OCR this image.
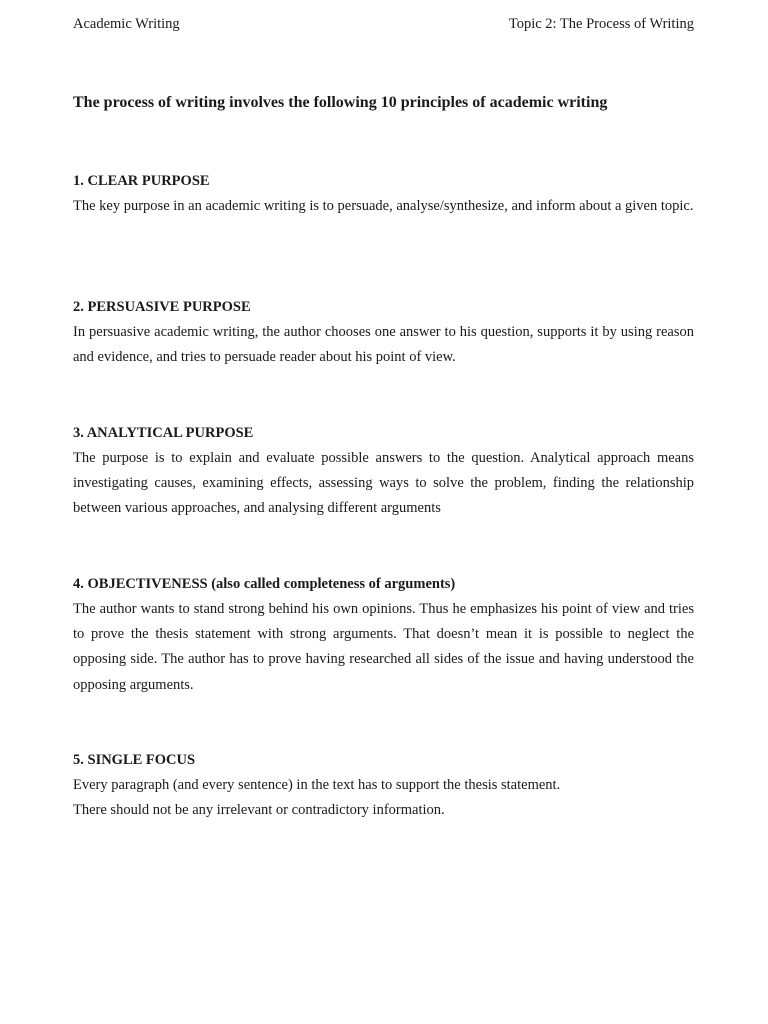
Academic Writing	Topic 2: The Process of Writing
The process of writing involves the following 10 principles of academic writing
1. CLEAR PURPOSE

The key purpose in an academic writing is to persuade, analyse/synthesize, and inform about a given topic.

2. PERSUASIVE PURPOSE

In persuasive academic writing, the author chooses one answer to his question, supports it by using reason and evidence, and tries to persuade reader about his point of view.

3. ANALYTICAL PURPOSE

The purpose is to explain and evaluate possible answers to the question. Analytical approach means investigating causes, examining effects, assessing ways to solve the problem, finding the relationship between various approaches, and analysing different arguments

4. OBJECTIVENESS (also called completeness of arguments)

The author wants to stand strong behind his own opinions. Thus he emphasizes his point of view and tries to prove the thesis statement with strong arguments. That doesn’t mean it is possible to neglect the opposing side. The author has to prove having researched all sides of the issue and having understood the opposing arguments.

5. SINGLE FOCUS

Every paragraph (and every sentence) in the text has to support the thesis statement.

There should not be any irrelevant or contradictory information.
